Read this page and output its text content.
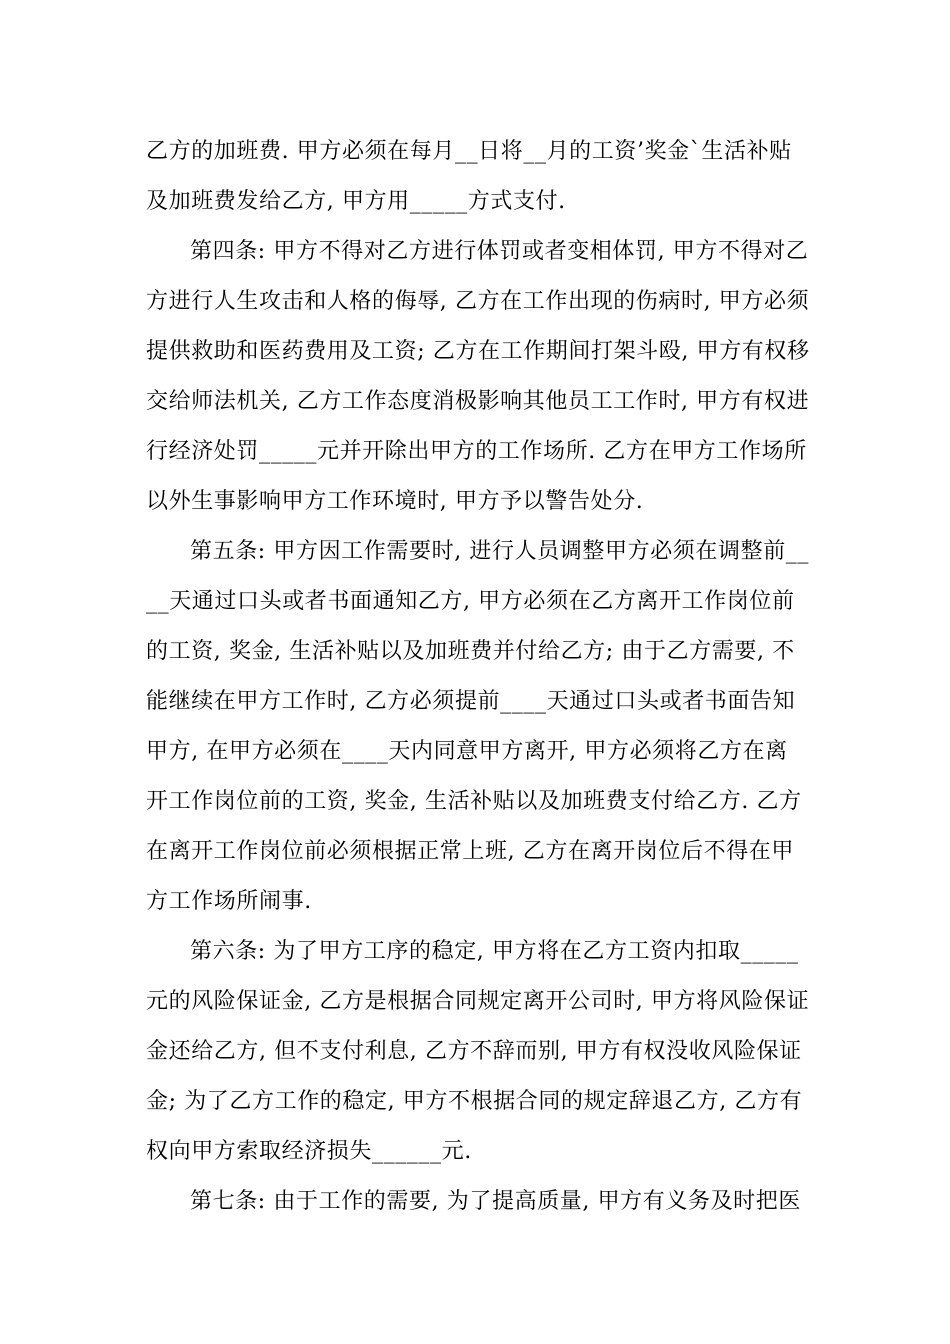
乙方的加班费. 甲方必须在每月__日将__月的工资’奖金`生活补贴及加班费发给乙方, 甲方用_____方式支付.

第四条: 甲方不得对乙方进行体罚或者变相体罚, 甲方不得对乙方进行人生攻击和人格的侮辱, 乙方在工作出现的伤病时, 甲方必须提供救助和医药费用及工资; 乙方在工作期间打架斗殴, 甲方有权移交给师法机关, 乙方工作态度消极影响其他员工工作时, 甲方有权进行经济处罚_____元并开除出甲方的工作场所. 乙方在甲方工作场所以外生事影响甲方工作环境时, 甲方予以警告处分.

第五条: 甲方因工作需要时, 进行人员调整甲方必须在调整前____天通过口头或者书面通知乙方, 甲方必须在乙方离开工作岗位前的工资, 奖金, 生活补贴以及加班费并付给乙方; 由于乙方需要, 不能继续在甲方工作时, 乙方必须提前____天通过口头或者书面告知甲方, 在甲方必须在____天内同意甲方离开, 甲方必须将乙方在离开工作岗位前的工资, 奖金, 生活补贴以及加班费支付给乙方. 乙方在离开工作岗位前必须根据正常上班, 乙方在离开岗位后不得在甲方工作场所闹事.

第六条: 为了甲方工序的稳定, 甲方将在乙方工资内扣取_____元的风险保证金, 乙方是根据合同规定离开公司时, 甲方将风险保证金还给乙方, 但不支付利息, 乙方不辞而别, 甲方有权没收风险保证金; 为了乙方工作的稳定, 甲方不根据合同的规定辞退乙方, 乙方有权向甲方索取经济损失______元.

第七条: 由于工作的需要, 为了提高质量, 甲方有义务及时把医
